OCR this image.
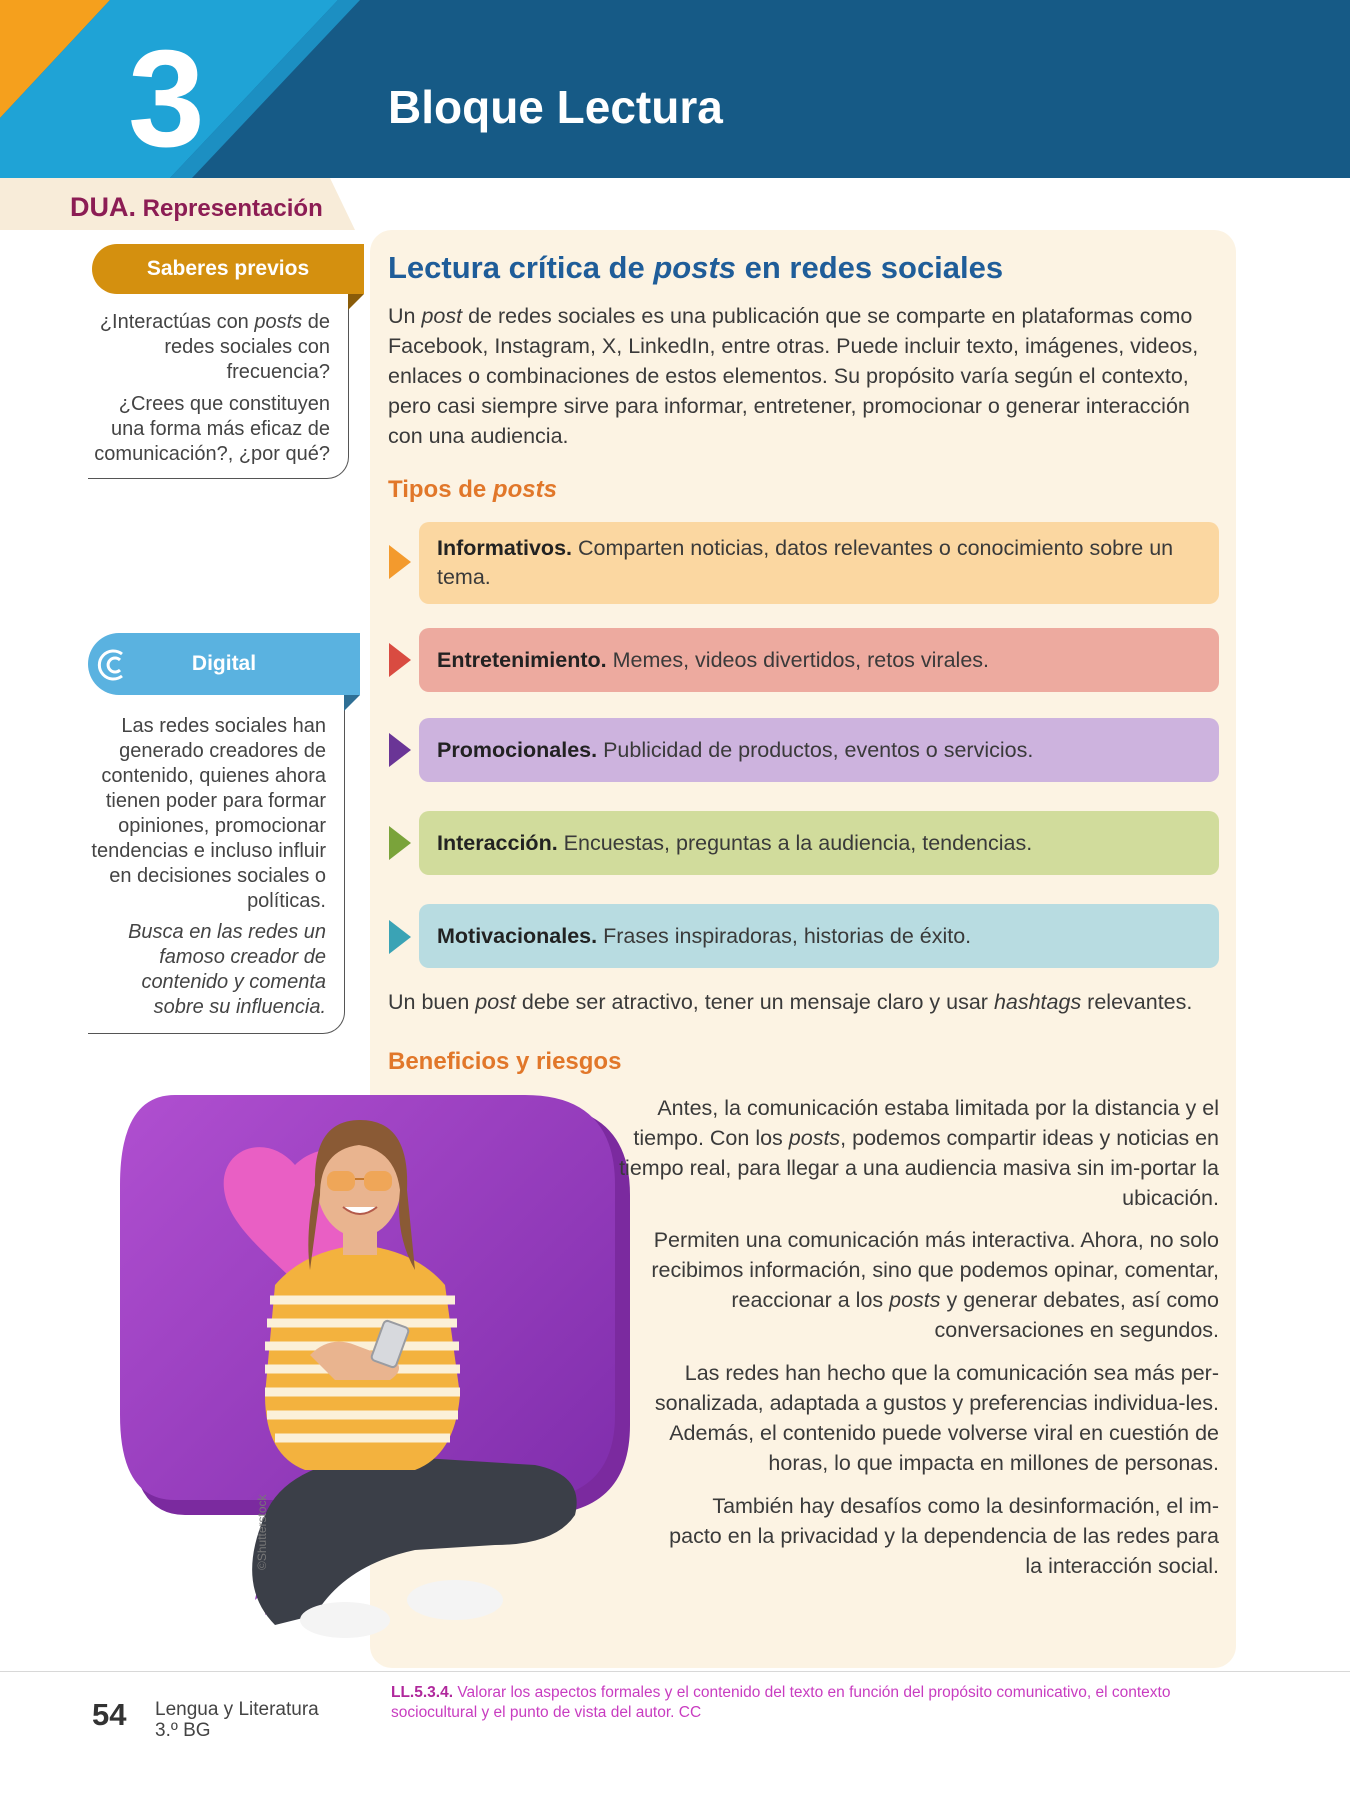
3	Bloque Lectura
DUA. Representación
Saberes previos
¿Interactúas con posts de redes sociales con frecuencia?
¿Crees que constituyen una forma más eficaz de comunicación?, ¿por qué?
Digital
Las redes sociales han generado creadores de contenido, quienes ahora tienen poder para formar opiniones, promocionar tendencias e incluso influir en decisiones sociales o políticas.
Busca en las redes un famoso creador de contenido y comenta sobre su influencia.
Lectura crítica de posts en redes sociales
Un post de redes sociales es una publicación que se comparte en plataformas como Facebook, Instagram, X, LinkedIn, entre otras. Puede incluir texto, imágenes, videos, enlaces o combinaciones de estos elementos. Su propósito varía según el contexto, pero casi siempre sirve para informar, entretener, promocionar o generar interacción con una audiencia.
Tipos de posts
Informativos. Comparten noticias, datos relevantes o conocimiento sobre un tema.
Entretenimiento. Memes, videos divertidos, retos virales.
Promocionales. Publicidad de productos, eventos o servicios.
Interacción. Encuestas, preguntas a la audiencia, tendencias.
Motivacionales. Frases inspiradoras, historias de éxito.
Un buen post debe ser atractivo, tener un mensaje claro y usar hashtags relevantes.
Beneficios y riesgos
©Shutterstock
Antes, la comunicación estaba limitada por la distancia y el tiempo. Con los posts, podemos compartir ideas y noticias en tiempo real, para llegar a una audiencia masiva sin im-portar la ubicación.
Permiten una comunicación más interactiva. Ahora, no solo recibimos información, sino que podemos opinar, comentar, reaccionar a los posts y generar debates, así como conversaciones en segundos.
Las redes han hecho que la comunicación sea más per-sonalizada, adaptada a gustos y preferencias individua-les. Además, el contenido puede volverse viral en cuestión de horas, lo que impacta en millones de personas.
También hay desafíos como la desinformación, el im-pacto en la privacidad y la dependencia de las redes para la interacción social.
54 Lengua y Literatura
3.º BG
LL.5.3.4. Valorar los aspectos formales y el contenido del texto en función del propósito comunicativo, el contexto sociocultural y el punto de vista del autor. CC
